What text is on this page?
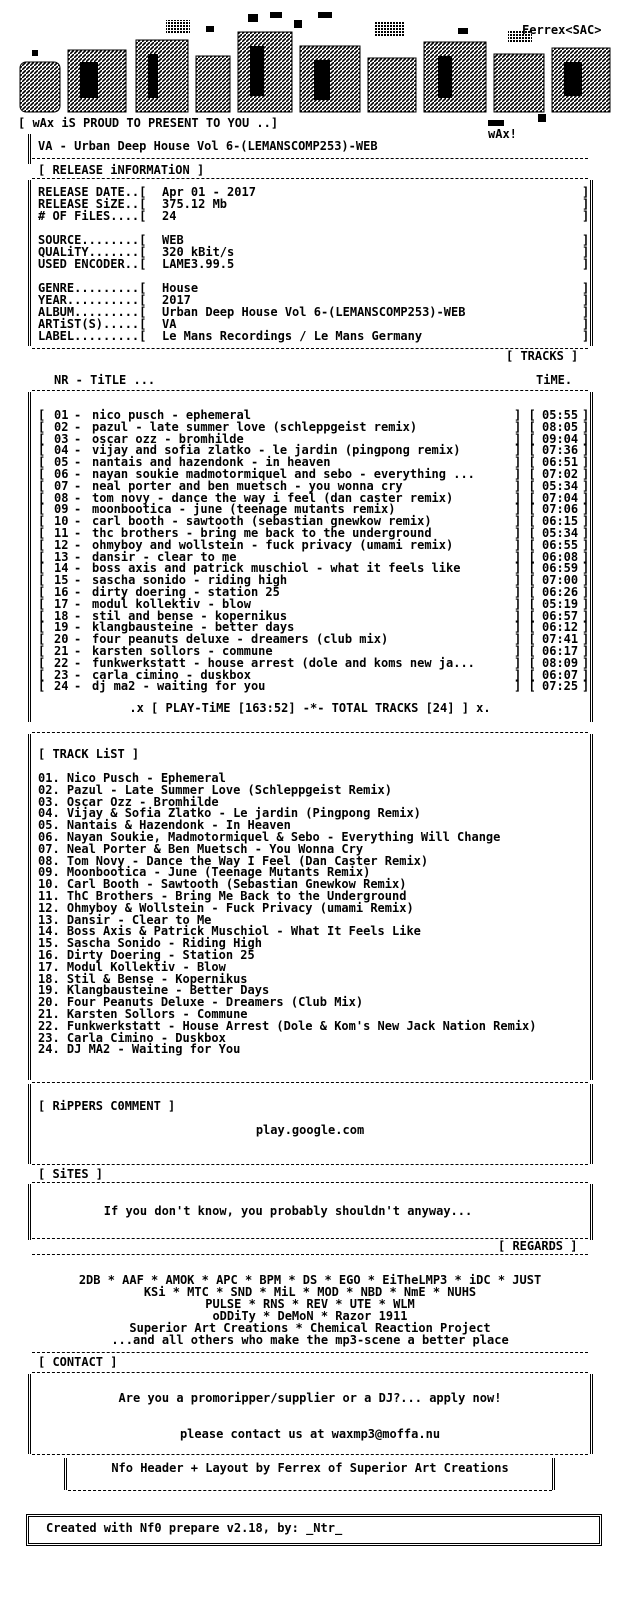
Ferrex<SAC>
[ wAx iS PROUD TO PRESENT TO YOU ..]
wAx!
VA - Urban Deep House Vol 6-(LEMANSCOMP253)-WEB
[ RELEASE iNFORMATiON ]
RELEASE DATE..[ Apr 01 - 2017	]
RELEASE SiZE..[ 375.12 Mb	]
# OF FiLES....[ 24	]
SOURCE........[ WEB	]
QUALiTY.......[ 320 kBit/s	]
USED ENCODER..[ LAME3.99.5	]
GENRE.........[ House	]
YEAR..........[ 2017	]
ALBUM.........[ Urban Deep House Vol 6-(LEMANSCOMP253)-WEB	]
ARTiST(S).....[ VA	]
LABEL.........[ Le Mans Recordings / Le Mans Germany	]
[ TRACKS ]
NR - TiTLE ...	TiME.
[ 01 - nico pusch - ephemeral	] [ 05:55 ]
[ 02 - pazul - late summer love (schleppgeist remix)	] [ 08:05 ]
[ 03 - oscar ozz - bromhilde	] [ 09:04 ]
[ 04 - vijay and sofia zlatko - le jardin (pingpong remix)	] [ 07:36 ]
[ 05 - nantais and hazendonk - in heaven	] [ 06:51 ]
[ 06 - nayan soukie madmotormiquel and sebo - everything ...	] [ 07:02 ]
[ 07 - neal porter and ben muetsch - you wonna cry	] [ 05:34 ]
[ 08 - tom novy - dance the way i feel (dan caster remix)	] [ 07:04 ]
[ 09 - moonbootica - june (teenage mutants remix)	] [ 07:06 ]
[ 10 - carl booth - sawtooth (sebastian gnewkow remix)	] [ 06:15 ]
[ 11 - thc brothers - bring me back to the underground	] [ 05:34 ]
[ 12 - ohmyboy and wollstein - fuck privacy (umami remix)	] [ 06:55 ]
[ 13 - dansir - clear to me	] [ 06:08 ]
[ 14 - boss axis and patrick muschiol - what it feels like	] [ 06:59 ]
[ 15 - sascha sonido - riding high	] [ 07:00 ]
[ 16 - dirty doering - station 25	] [ 06:26 ]
[ 17 - modul kollektiv - blow	] [ 05:19 ]
[ 18 - stil and bense - kopernikus	] [ 06:57 ]
[ 19 - klangbausteine - better days	] [ 06:12 ]
[ 20 - four peanuts deluxe - dreamers (club mix)	] [ 07:41 ]
[ 21 - karsten sollors - commune	] [ 06:17 ]
[ 22 - funkwerkstatt - house arrest (dole and koms new ja...	] [ 08:09 ]
[ 23 - carla cimino - duskbox	] [ 06:07 ]
[ 24 - dj ma2 - waiting for you	] [ 07:25 ]
.x [ PLAY-TiME [163:52] -*- TOTAL TRACKS [24] ] x.
[ TRACK LiST ]
01. Nico Pusch - Ephemeral
02. Pazul - Late Summer Love (Schleppgeist Remix)
03. Oscar Ozz - Bromhilde
04. Vijay & Sofia Zlatko - Le jardin (Pingpong Remix)
05. Nantais & Hazendonk - In Heaven
06. Nayan Soukie, Madmotormiquel & Sebo - Everything Will Change
07. Neal Porter & Ben Muetsch - You Wonna Cry
08. Tom Novy - Dance the Way I Feel (Dan Caster Remix)
09. Moonbootica - June (Teenage Mutants Remix)
10. Carl Booth - Sawtooth (Sebastian Gnewkow Remix)
11. ThC Brothers - Bring Me Back to the Underground
12. Ohmyboy & Wollstein - Fuck Privacy (umami Remix)
13. Dansir - Clear to Me
14. Boss Axis & Patrick Muschiol - What It Feels Like
15. Sascha Sonido - Riding High
16. Dirty Doering - Station 25
17. Modul Kollektiv - Blow
18. Stil & Bense - Kopernikus
19. Klangbausteine - Better Days
20. Four Peanuts Deluxe - Dreamers (Club Mix)
21. Karsten Sollors - Commune
22. Funkwerkstatt - House Arrest (Dole & Kom's New Jack Nation Remix)
23. Carla Cimino - Duskbox
24. DJ MA2 - Waiting for You
[ RiPPERS C0MMENT ]
play.google.com
[ SiTES ]
If you don't know, you probably shouldn't anyway...
[ REGARDS ]
2DB * AAF * AMOK * APC * BPM * DS * EGO * EiTheLMP3 * iDC * JUST
KSi * MTC * SND * MiL * MOD * NBD * NmE * NUHS
PULSE * RNS * REV * UTE * WLM
oDDiTy * DeMoN * Razor 1911
Superior Art Creations * Chemical Reaction Project
...and all others who make the mp3-scene a better place
[ CONTACT ]
Are you a promoripper/supplier or a DJ?... apply now!
please contact us at waxmp3@moffa.nu
Nfo Header + Layout by Ferrex of Superior Art Creations
Created with Nf0 prepare v2.18, by: _Ntr_
